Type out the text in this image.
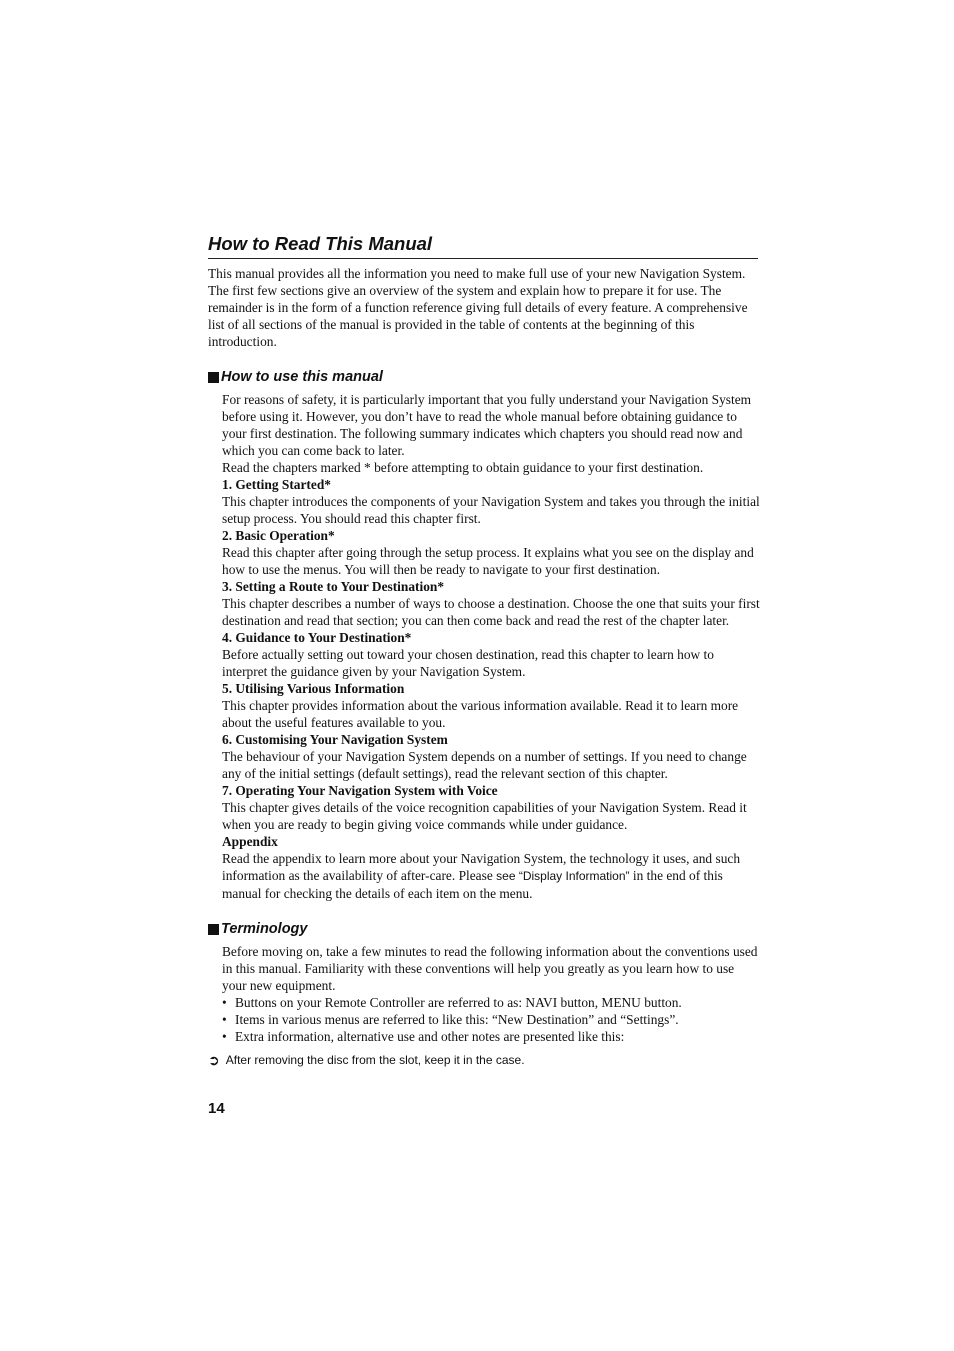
How to Read This Manual

This manual provides all the information you need to make full use of your new Navigation System. The first few sections give an overview of the system and explain how to prepare it for use. The remainder is in the form of a function reference giving full details of every feature. A comprehensive list of all sections of the manual is provided in the table of contents at the beginning of this introduction.

How to use this manual

For reasons of safety, it is particularly important that you fully understand your Navigation System before using it. However, you don’t have to read the whole manual before obtaining guidance to your first destination. The following summary indicates which chapters you should read now and which you can come back to later.

Read the chapters marked * before attempting to obtain guidance to your first destination.

1. Getting Started*

This chapter introduces the components of your Navigation System and takes you through the initial setup process. You should read this chapter first.

2. Basic Operation*

Read this chapter after going through the setup process. It explains what you see on the display and how to use the menus. You will then be ready to navigate to your first destination.

3. Setting a Route to Your Destination*

This chapter describes a number of ways to choose a destination. Choose the one that suits your first destination and read that section; you can then come back and read the rest of the chapter later.

4. Guidance to Your Destination*

Before actually setting out toward your chosen destination, read this chapter to learn how to interpret the guidance given by your Navigation System.

5. Utilising Various Information

This chapter provides information about the various information available. Read it to learn more about the useful features available to you.

6. Customising Your Navigation System

The behaviour of your Navigation System depends on a number of settings. If you need to change any of the initial settings (default settings), read the relevant section of this chapter.

7. Operating Your Navigation System with Voice

This chapter gives details of the voice recognition capabilities of your Navigation System. Read it when you are ready to begin giving voice commands while under guidance.

Appendix

Read the appendix to learn more about your Navigation System, the technology it uses, and such information as the availability of after-care. Please see “Display Information” in the end of this manual for checking the details of each item on the menu.

Terminology

Before moving on, take a few minutes to read the following information about the conventions used in this manual. Familiarity with these conventions will help you greatly as you learn how to use your new equipment.

• Buttons on your Remote Controller are referred to as: NAVI button, MENU button.
• Items in various menus are referred to like this: “New Destination” and “Settings”.
• Extra information, alternative use and other notes are presented like this:
➲ After removing the disc from the slot, keep it in the case.
14
